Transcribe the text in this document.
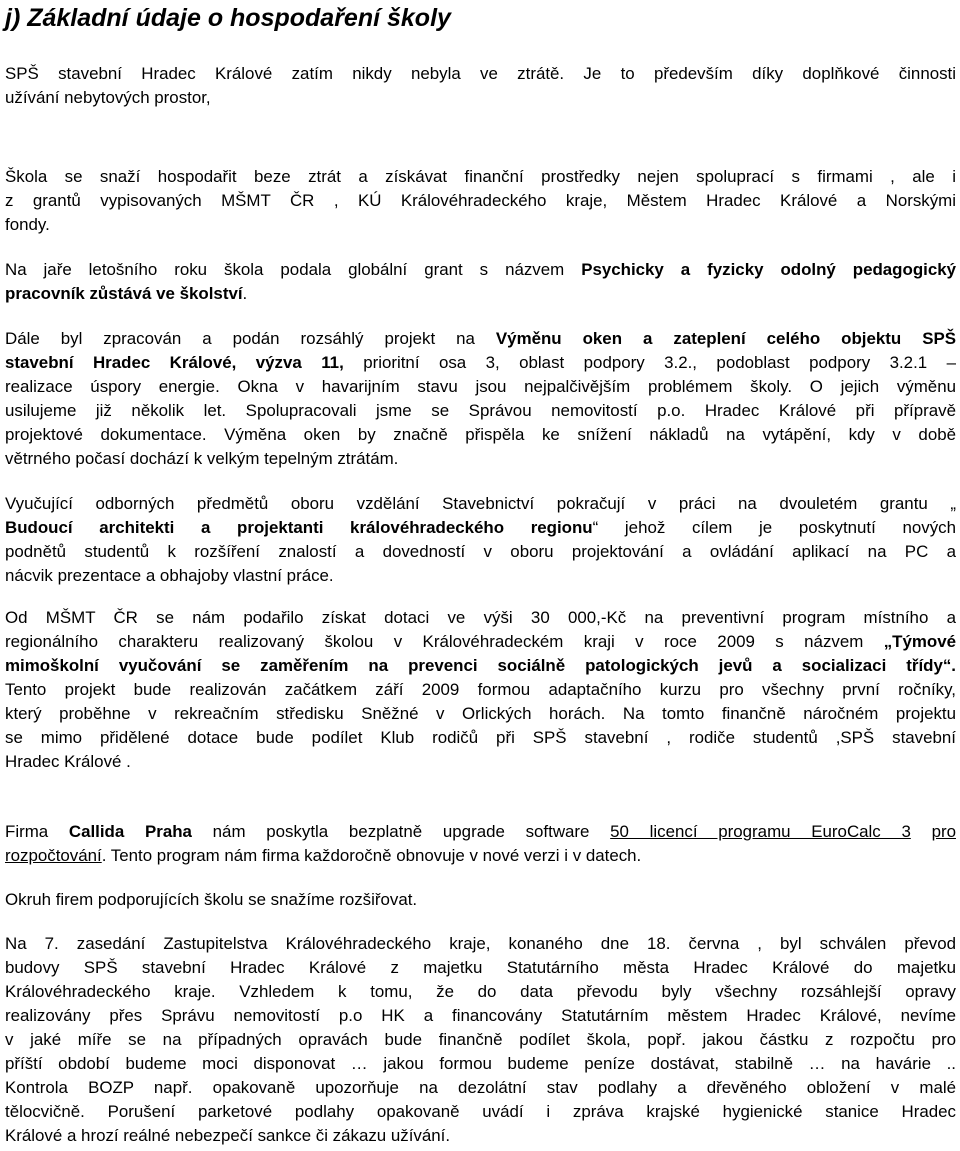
j) Základní údaje o hospodaření školy

SPŠ stavební Hradec Králové zatím nikdy nebyla ve ztrátě. Je to především díky doplňkové činnosti
užívání nebytových prostor,

Škola se snaží hospodařit beze ztrát a získávat finanční prostředky nejen spoluprací s firmami , ale i
z grantů vypisovaných MŠMT ČR , KÚ Královéhradeckého kraje, Městem Hradec Králové a Norskými
fondy.

Na jaře letošního roku škola podala globální grant s názvem Psychicky a fyzicky odolný pedagogický
pracovník zůstává ve školství.

Dále byl zpracován a podán rozsáhlý projekt na Výměnu oken a zateplení celého objektu SPŠ
stavební Hradec Králové, výzva 11, prioritní osa 3, oblast podpory 3.2., podoblast podpory 3.2.1 –
realizace úspory energie. Okna v havarijním stavu jsou nejpalčivějším problémem školy. O jejich výměnu
usilujeme již několik let. Spolupracovali jsme se Správou nemovitostí p.o. Hradec Králové při přípravě
projektové dokumentace. Výměna oken by značně přispěla ke snížení nákladů na vytápění, kdy v době
větrného počasí dochází k velkým tepelným ztrátám.

Vyučující odborných předmětů oboru vzdělání Stavebnictví pokračují v práci na dvouletém grantu „
Budoucí architekti a projektanti královéhradeckého regionu“ jehož cílem je poskytnutí nových
podnětů studentů k rozšíření znalostí a dovedností v oboru projektování a ovládání aplikací na PC a
nácvik prezentace a obhajoby vlastní práce.

Od MŠMT ČR se nám podařilo získat dotaci ve výši 30 000,-Kč na preventivní program místního a
regionálního charakteru realizovaný školou v Královéhradeckém kraji v roce 2009 s názvem „Týmové
mimoškolní vyučování se zaměřením na prevenci sociálně patologických jevů a socializaci třídy“.
Tento projekt bude realizován začátkem září 2009 formou adaptačního kurzu pro všechny první ročníky,
který proběhne v rekreačním středisku Sněžné v Orlických horách. Na tomto finančně náročném projektu
se mimo přidělené dotace bude podílet Klub rodičů při SPŠ stavební , rodiče studentů ,SPŠ stavební
Hradec Králové .

Firma Callida Praha nám poskytla bezplatně upgrade software 50 licencí programu EuroCalc 3 pro
rozpočtování. Tento program nám firma každoročně obnovuje v nové verzi i v datech.

Okruh firem podporujících školu se snažíme rozšiřovat.

Na 7. zasedání Zastupitelstva Královéhradeckého kraje, konaného dne 18. června , byl schválen převod
budovy SPŠ stavební Hradec Králové z majetku Statutárního města Hradec Králové do majetku
Královéhradeckého kraje. Vzhledem k tomu, že do data převodu byly všechny rozsáhlejší opravy
realizovány přes Správu nemovitostí p.o HK a financovány Statutárním městem Hradec Králové, nevíme
v jaké míře se na případných opravách bude finančně podílet škola, popř. jakou částku z rozpočtu pro
příští období budeme moci disponovat … jakou formou budeme peníze dostávat, stabilně … na havárie ..
Kontrola BOZP např. opakovaně upozorňuje na dezolátní stav podlahy a dřevěného obložení v malé
tělocvičně. Porušení parketové podlahy opakovaně uvádí i zpráva krajské hygienické stanice Hradec
Králové a hrozí reálné nebezpečí sankce či zákazu užívání.
